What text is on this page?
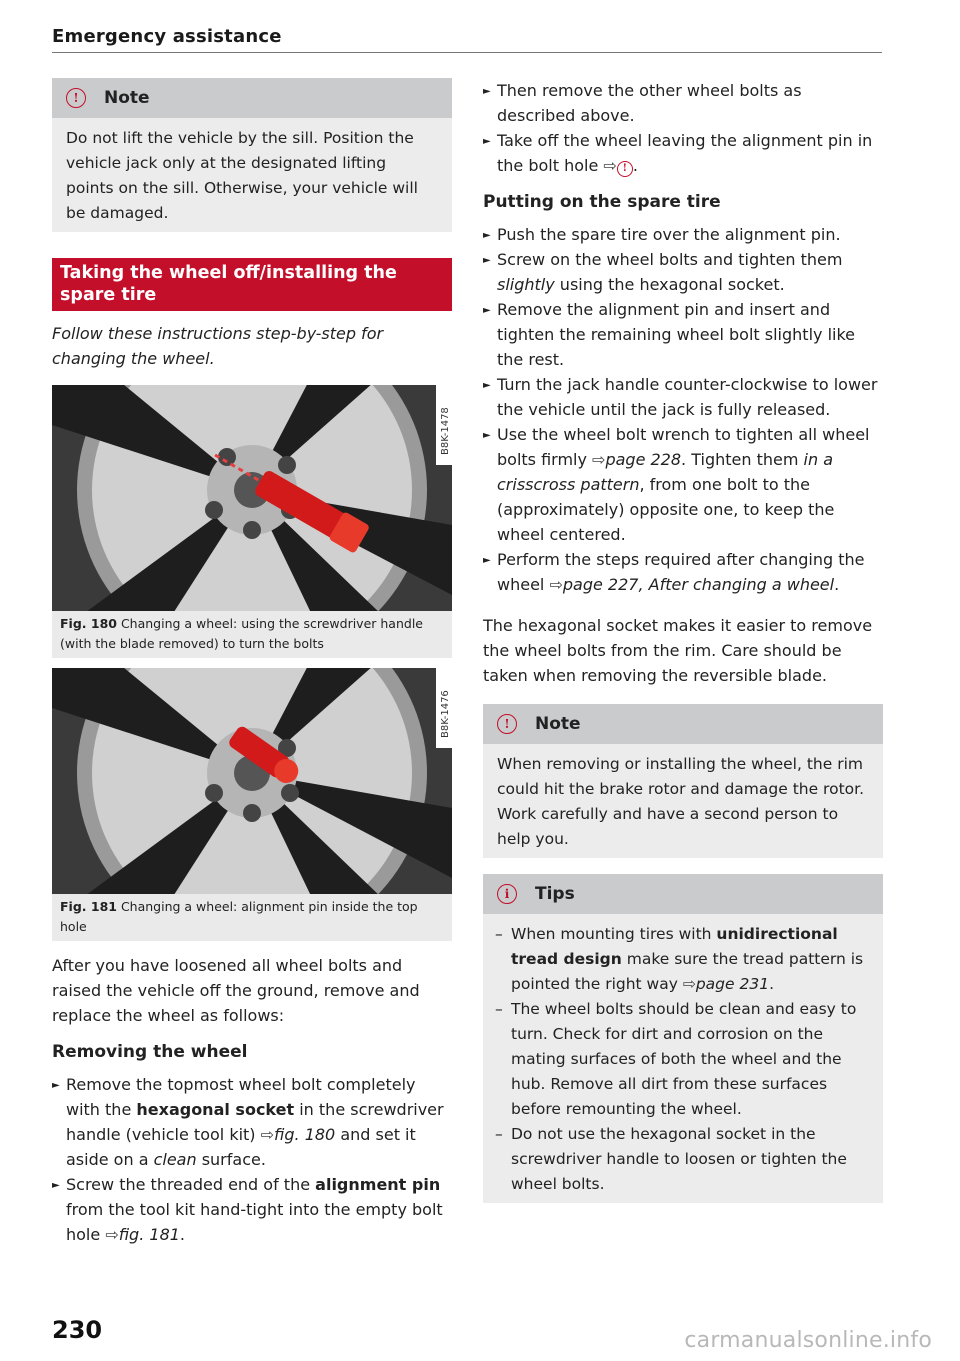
Emergency assistance
!	Note

Do not lift the vehicle by the sill. Position the vehicle jack only at the designated lifting points on the sill. Otherwise, your vehicle will be damaged.

Taking the wheel off/installing the spare tire
Follow these instructions step-by-step for changing the wheel.
B8K-1478
Fig. 180 Changing a wheel: using the screwdriver handle (with the blade removed) to turn the bolts
B8K-1476
Fig. 181 Changing a wheel: alignment pin inside the top hole
After you have loosened all wheel bolts and raised the vehicle off the ground, remove and replace the wheel as follows:
Removing the wheel
► Remove the topmost wheel bolt completely with the hexagonal socket in the screwdriver handle (vehicle tool kit) ⇨fig. 180 and set it aside on a clean surface.
► Screw the threaded end of the alignment pin from the tool kit hand-tight into the empty bolt hole ⇨fig. 181.
► Then remove the other wheel bolts as described above.
► Take off the wheel leaving the alignment pin in the bolt hole ⇨ ! .
Putting on the spare tire
► Push the spare tire over the alignment pin.
► Screw on the wheel bolts and tighten them slightly using the hexagonal socket.
► Remove the alignment pin and insert and tighten the remaining wheel bolt slightly like the rest.
► Turn the jack handle counter-clockwise to lower the vehicle until the jack is fully released.
► Use the wheel bolt wrench to tighten all wheel bolts firmly ⇨page 228. Tighten them in a crisscross pattern, from one bolt to the (approximately) opposite one, to keep the wheel centered.
► Perform the steps required after changing the wheel ⇨page 227, After changing a wheel.
The hexagonal socket makes it easier to remove the wheel bolts from the rim. Care should be taken when removing the reversible blade.
!	Note

When removing or installing the wheel, the rim could hit the brake rotor and damage the rotor. Work carefully and have a second person to help you.

i	Tips
– When mounting tires with unidirectional tread design make sure the tread pattern is pointed the right way ⇨page 231.
– The wheel bolts should be clean and easy to turn. Check for dirt and corrosion on the mating surfaces of both the wheel and the hub. Remove all dirt from these surfaces before remounting the wheel.
– Do not use the hexagonal socket in the screwdriver handle to loosen or tighten the wheel bolts.
230	carmanualsonline.info
